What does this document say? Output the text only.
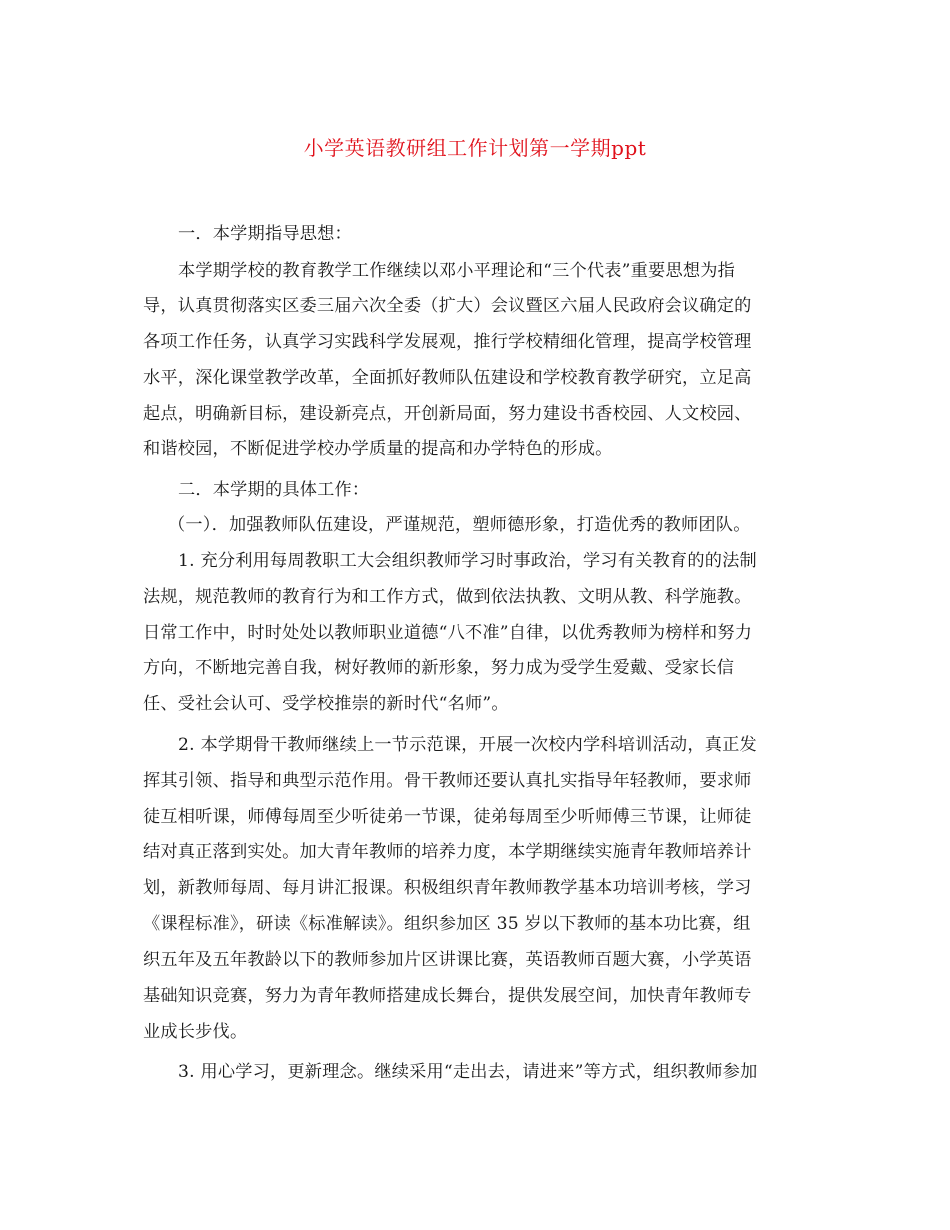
小学英语教研组工作计划第一学期ppt
一．本学期指导思想：
本学期学校的教育教学工作继续以邓小平理论和“三个代表”重要思想为指
导，认真贯彻落实区委三届六次全委（扩大）会议暨区六届人民政府会议确定的
各项工作任务，认真学习实践科学发展观，推行学校精细化管理，提高学校管理
水平，深化课堂教学改革，全面抓好教师队伍建设和学校教育教学研究，立足高
起点，明确新目标，建设新亮点，开创新局面，努力建设书香校园、人文校园、
和谐校园，不断促进学校办学质量的提高和办学特色的形成。
二．本学期的具体工作：
（一）．加强教师队伍建设，严谨规范，塑师德形象，打造优秀的教师团队。
1. 充分利用每周教职工大会组织教师学习时事政治，学习有关教育的的法制
法规，规范教师的教育行为和工作方式，做到依法执教、文明从教、科学施教。
日常工作中，时时处处以教师职业道德“八不准”自律，以优秀教师为榜样和努力
方向，不断地完善自我，树好教师的新形象，努力成为受学生爱戴、受家长信
任、受社会认可、受学校推崇的新时代“名师”。
2. 本学期骨干教师继续上一节示范课，开展一次校内学科培训活动，真正发
挥其引领、指导和典型示范作用。骨干教师还要认真扎实指导年轻教师，要求师
徒互相听课，师傅每周至少听徒弟一节课，徒弟每周至少听师傅三节课，让师徒
结对真正落到实处。加大青年教师的培养力度，本学期继续实施青年教师培养计
划，新教师每周、每月讲汇报课。积极组织青年教师教学基本功培训考核，学习
《课程标准》，研读《标准解读》。组织参加区 35 岁以下教师的基本功比赛，组
织五年及五年教龄以下的教师参加片区讲课比赛，英语教师百题大赛，小学英语
基础知识竞赛，努力为青年教师搭建成长舞台，提供发展空间，加快青年教师专
业成长步伐。
3. 用心学习，更新理念。继续采用“走出去，请进来”等方式，组织教师参加
